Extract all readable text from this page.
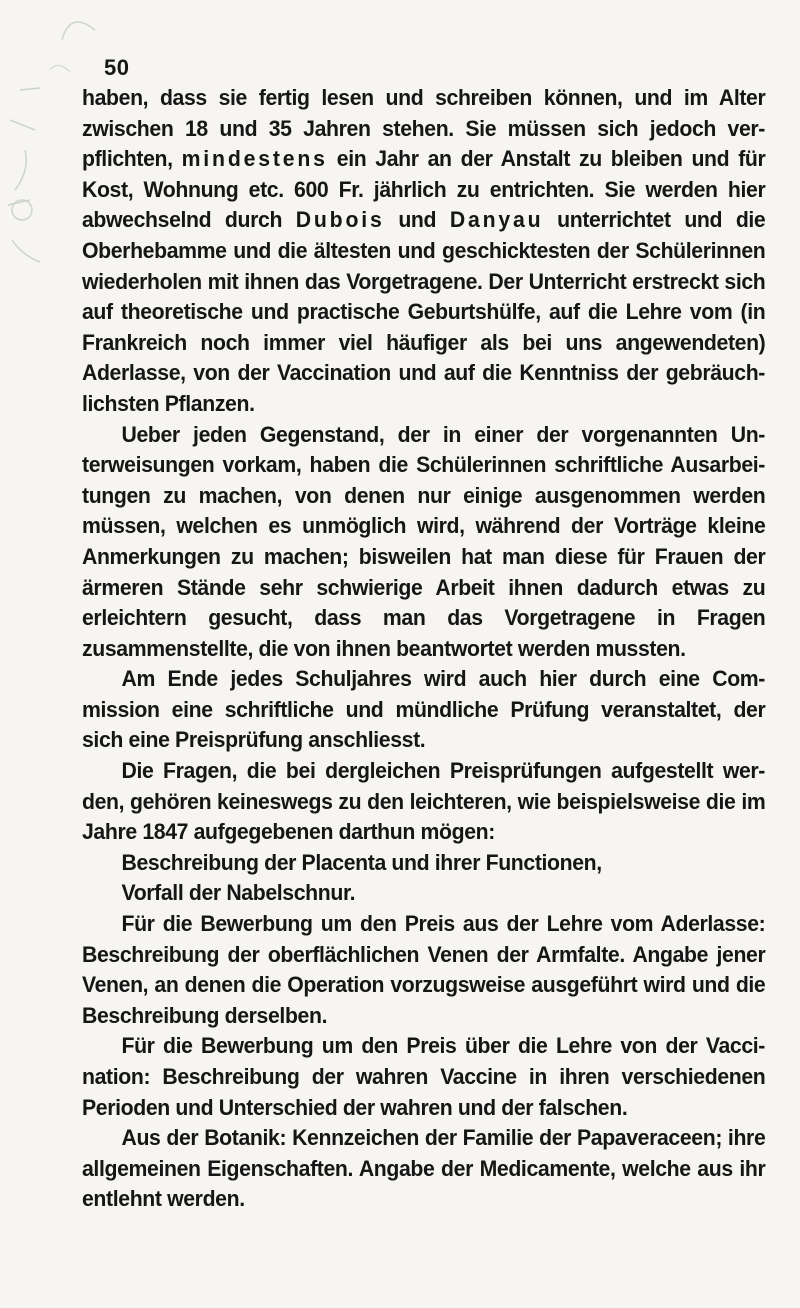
50

haben, dass sie fertig lesen und schreiben können, und im Alter zwischen 18 und 35 Jahren stehen. Sie müssen sich jedoch verpflichten, mindestens ein Jahr an der Anstalt zu bleiben und für Kost, Wohnung etc. 600 Fr. jährlich zu entrichten. Sie werden hier abwechselnd durch Dubois und Danyau unterrichtet und die Oberhebamme und die ältesten und geschicktesten der Schülerinnen wiederholen mit ihnen das Vorgetragene. Der Unterricht erstreckt sich auf theoretische und practische Geburtshülfe, auf die Lehre vom (in Frankreich noch immer viel häufiger als bei uns angewendeten) Aderlasse, von der Vaccination und auf die Kenntniss der gebräuchlichsten Pflanzen.

Ueber jeden Gegenstand, der in einer der vorgenannten Unterweisungen vorkam, haben die Schülerinnen schriftliche Ausarbeitungen zu machen, von denen nur einige ausgenommen werden müssen, welchen es unmöglich wird, während der Vorträge kleine Anmerkungen zu machen; bisweilen hat man diese für Frauen der ärmeren Stände sehr schwierige Arbeit ihnen dadurch etwas zu erleichtern gesucht, dass man das Vorgetragene in Fragen zusammenstellte, die von ihnen beantwortet werden mussten.

Am Ende jedes Schuljahres wird auch hier durch eine Commission eine schriftliche und mündliche Prüfung veranstaltet, der sich eine Preisprüfung anschliesst.

Die Fragen, die bei dergleichen Preisprüfungen aufgestellt werden, gehören keineswegs zu den leichteren, wie beispielsweise die im Jahre 1847 aufgegebenen darthun mögen:

Beschreibung der Placenta und ihrer Functionen,

Vorfall der Nabelschnur.

Für die Bewerbung um den Preis aus der Lehre vom Aderlasse: Beschreibung der oberflächlichen Venen der Armfalte. Angabe jener Venen, an denen die Operation vorzugsweise ausgeführt wird und die Beschreibung derselben.

Für die Bewerbung um den Preis über die Lehre von der Vaccination: Beschreibung der wahren Vaccine in ihren verschiedenen Perioden und Unterschied der wahren und der falschen.

Aus der Botanik: Kennzeichen der Familie der Papaveraceen; ihre allgemeinen Eigenschaften. Angabe der Medicamente, welche aus ihr entlehnt werden.
